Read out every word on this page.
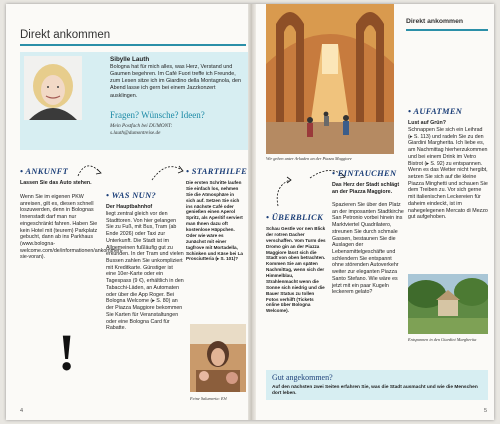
Direkt ankommen
Sibylle Lauth
Bologna hat für mich alles, was Herz, Verstand und Gaumen begehren. Im Café Fuori treffe ich Freunde, zum Lesen sitze ich im Giardino della Montagnola, den Abend lasse ich gern bei einem Jazzkonzert ausklingen.
Fragen? Wünsche? Ideen?
Mein Postfach bei DUMONT:
s.lauth@dumontreise.de
• ANKUNFT
Lassen Sie das Auto stehen.
Wenn Sie im eigenen PKW anreisen, gilt es, diesen schnell loszuwerden, denn in Bolognas Innenstadt darf man nur eingeschränkt fahren. Haben Sie kein Hotel mit (teurem) Parkplatz gebucht, dann ab ins Parkhaus (www.bologna-welcome.com/de/informationen/ankommen-sie-voran).
!
• WAS NUN?
Der Hauptbahnhof
liegt zentral gleich vor den Stadttoren. Von hier gelangen Sie zu Fuß, mit Bus, Tram (ab Ende 2026) oder Taxi zur Unterkunft. Die Stadt ist im Allgemeinen fußläufig gut zu erkunden. In der Tram und vielen Bussen zahlen Sie unkompliziert mit Kreditkarte. Günstiger ist eine 10er-Karte oder ein Tagespass (9 €), erhältlich in den Tabacchi-Läden, an Automaten oder über die App Roger. Bei Bologna Welcome (▸ S. 80) an der Piazza Maggiore bekommen Sie Karten für Veranstaltungen oder eine Bologna Card für Rabatte.
• STARTHILFE
Die ersten Schritte laufen Sie einfach los, nehmen Sie die Atmosphäre in sich auf. Setzen Sie sich ins nächste Café oder genießen einen Aperol Spritz, als Aperitif serviert man Ihnen dazu oft kostenlose Häppchen. Oder wie wäre es zunächst mit einer tagfrove mit Mortadella, Schinken und Käse bei La Prosciutteria (▸ S. 101)?
Feine Salumeria: Eh!
4
Wir gehen unter Arkaden an der Piazza Maggiore
Direkt ankommen
• ÜBERBLICK
Schau Gestle vor nen Blick der rotren Dacher verschaffen. Vom Turm des Dromo gin an der Piazza Maggiore lässt sich die Stadt von oben betrachten. Kommen Sie am späten Nachmittag, wenn sich der Himmelblau, Strahlenmacht wenn die Sonne sich niedrig und die Bauer Status zu tollen Fotos verhilft (Tickets online über Bologna Welcome).
• EINTAUCHEN
Das Herz der Stadt schlägt an der Piazza Maggiore.
Spazieren Sie über den Platz an der imposanten Stadtkirche San Petronio vorbei hinein ins Marktviertel Quadrilatero, streunen Sie durch schmale Gassen, bestaunen Sie die Auslagen der Lebensmittelgeschäfte und schlendern Sie entspannt ohne störenden Autoverkehr weiter zur eleganten Piazza Santo Stefano. Wie wäre es jetzt mit ein paar Kugeln leckerem gelato?
• AUFATMEN
Lust auf Grün?
Schnappen Sie sich ein Leihrad (▸ S. 113) und radeln Sie zu den Giardini Margherita. Ich liebe es, am Nachmittag hierherzukommen und bei einem Drink im Vetro Bistrot (▸ S. 92) zu entspannen. Wenn es das Wetter nicht hergibt, setzen Sie sich auf die kleine Piazza Minghetti und schauen Sie dem Treiben zu. Vor sich gerne mit italienischen Leckereien für daheim eindeckt, ist im nahegelegenen Mercato di Mezzo gut aufgehoben.
Entspannen in den Giardini Margherita
Gut angekommen?
Auf den nächsten zwei Seiten erfahren Sie, was die Stadt ausmacht und wie die Menschen dort leben.
5
